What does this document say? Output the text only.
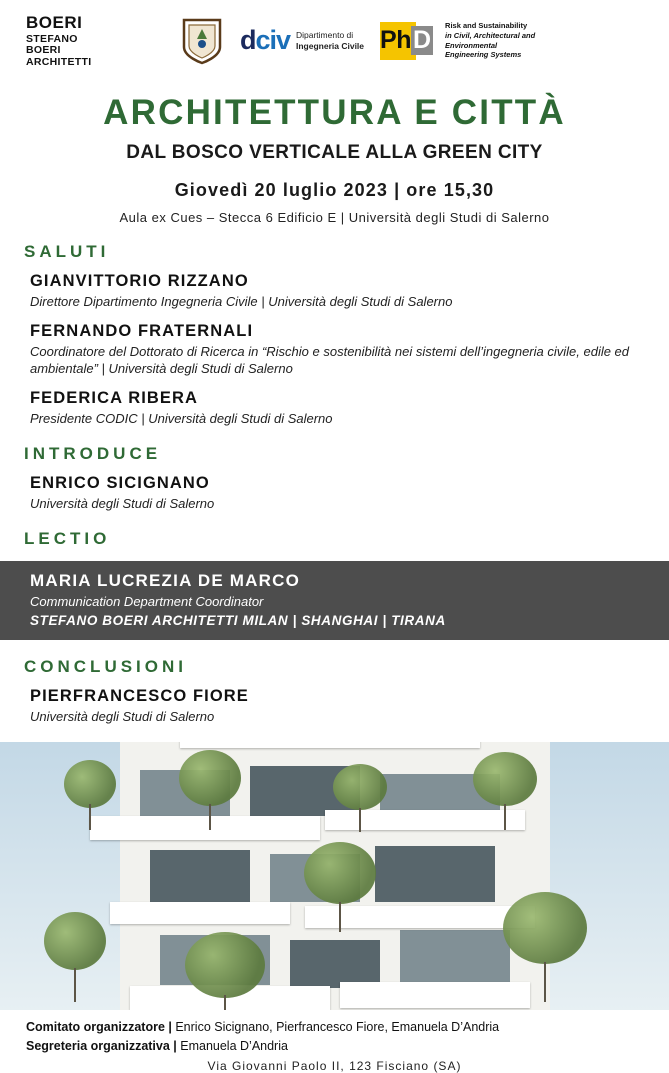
BOERI
STEFANO BOERI ARCHITETTI
d civ Dipartimento di
Ingegneria Civile P h D
Risk and Sustainability
in Civil, Architectural and Environmental
Engineering Systems
ARCHITETTURA E CITTÀ
DAL BOSCO VERTICALE ALLA GREEN CITY
Giovedì 20 luglio 2023 | ore 15,30
Aula ex Cues – Stecca 6 Edificio E | Università degli Studi di Salerno
SALUTI
GIANVITTORIO RIZZANO
Direttore Dipartimento Ingegneria Civile | Università degli Studi di Salerno
FERNANDO FRATERNALI
Coordinatore del Dottorato di Ricerca in “Rischio e sostenibilità nei sistemi dell’ingegneria civile, edile ed ambientale” | Università degli Studi di Salerno
FEDERICA RIBERA
Presidente CODIC | Università degli Studi di Salerno
INTRODUCE
ENRICO SICIGNANO
Università degli Studi di Salerno
LECTIO
MARIA LUCREZIA DE MARCO
Communication Department Coordinator
STEFANO BOERI ARCHITETTI MILAN | SHANGHAI | TIRANA
CONCLUSIONI
PIERFRANCESCO FIORE
Università degli Studi di Salerno
Comitato organizzatore | Enrico Sicignano, Pierfrancesco Fiore, Emanuela D’Andria
Segreteria organizzativa | Emanuela D’Andria
Via Giovanni Paolo II, 123 Fisciano (SA)
